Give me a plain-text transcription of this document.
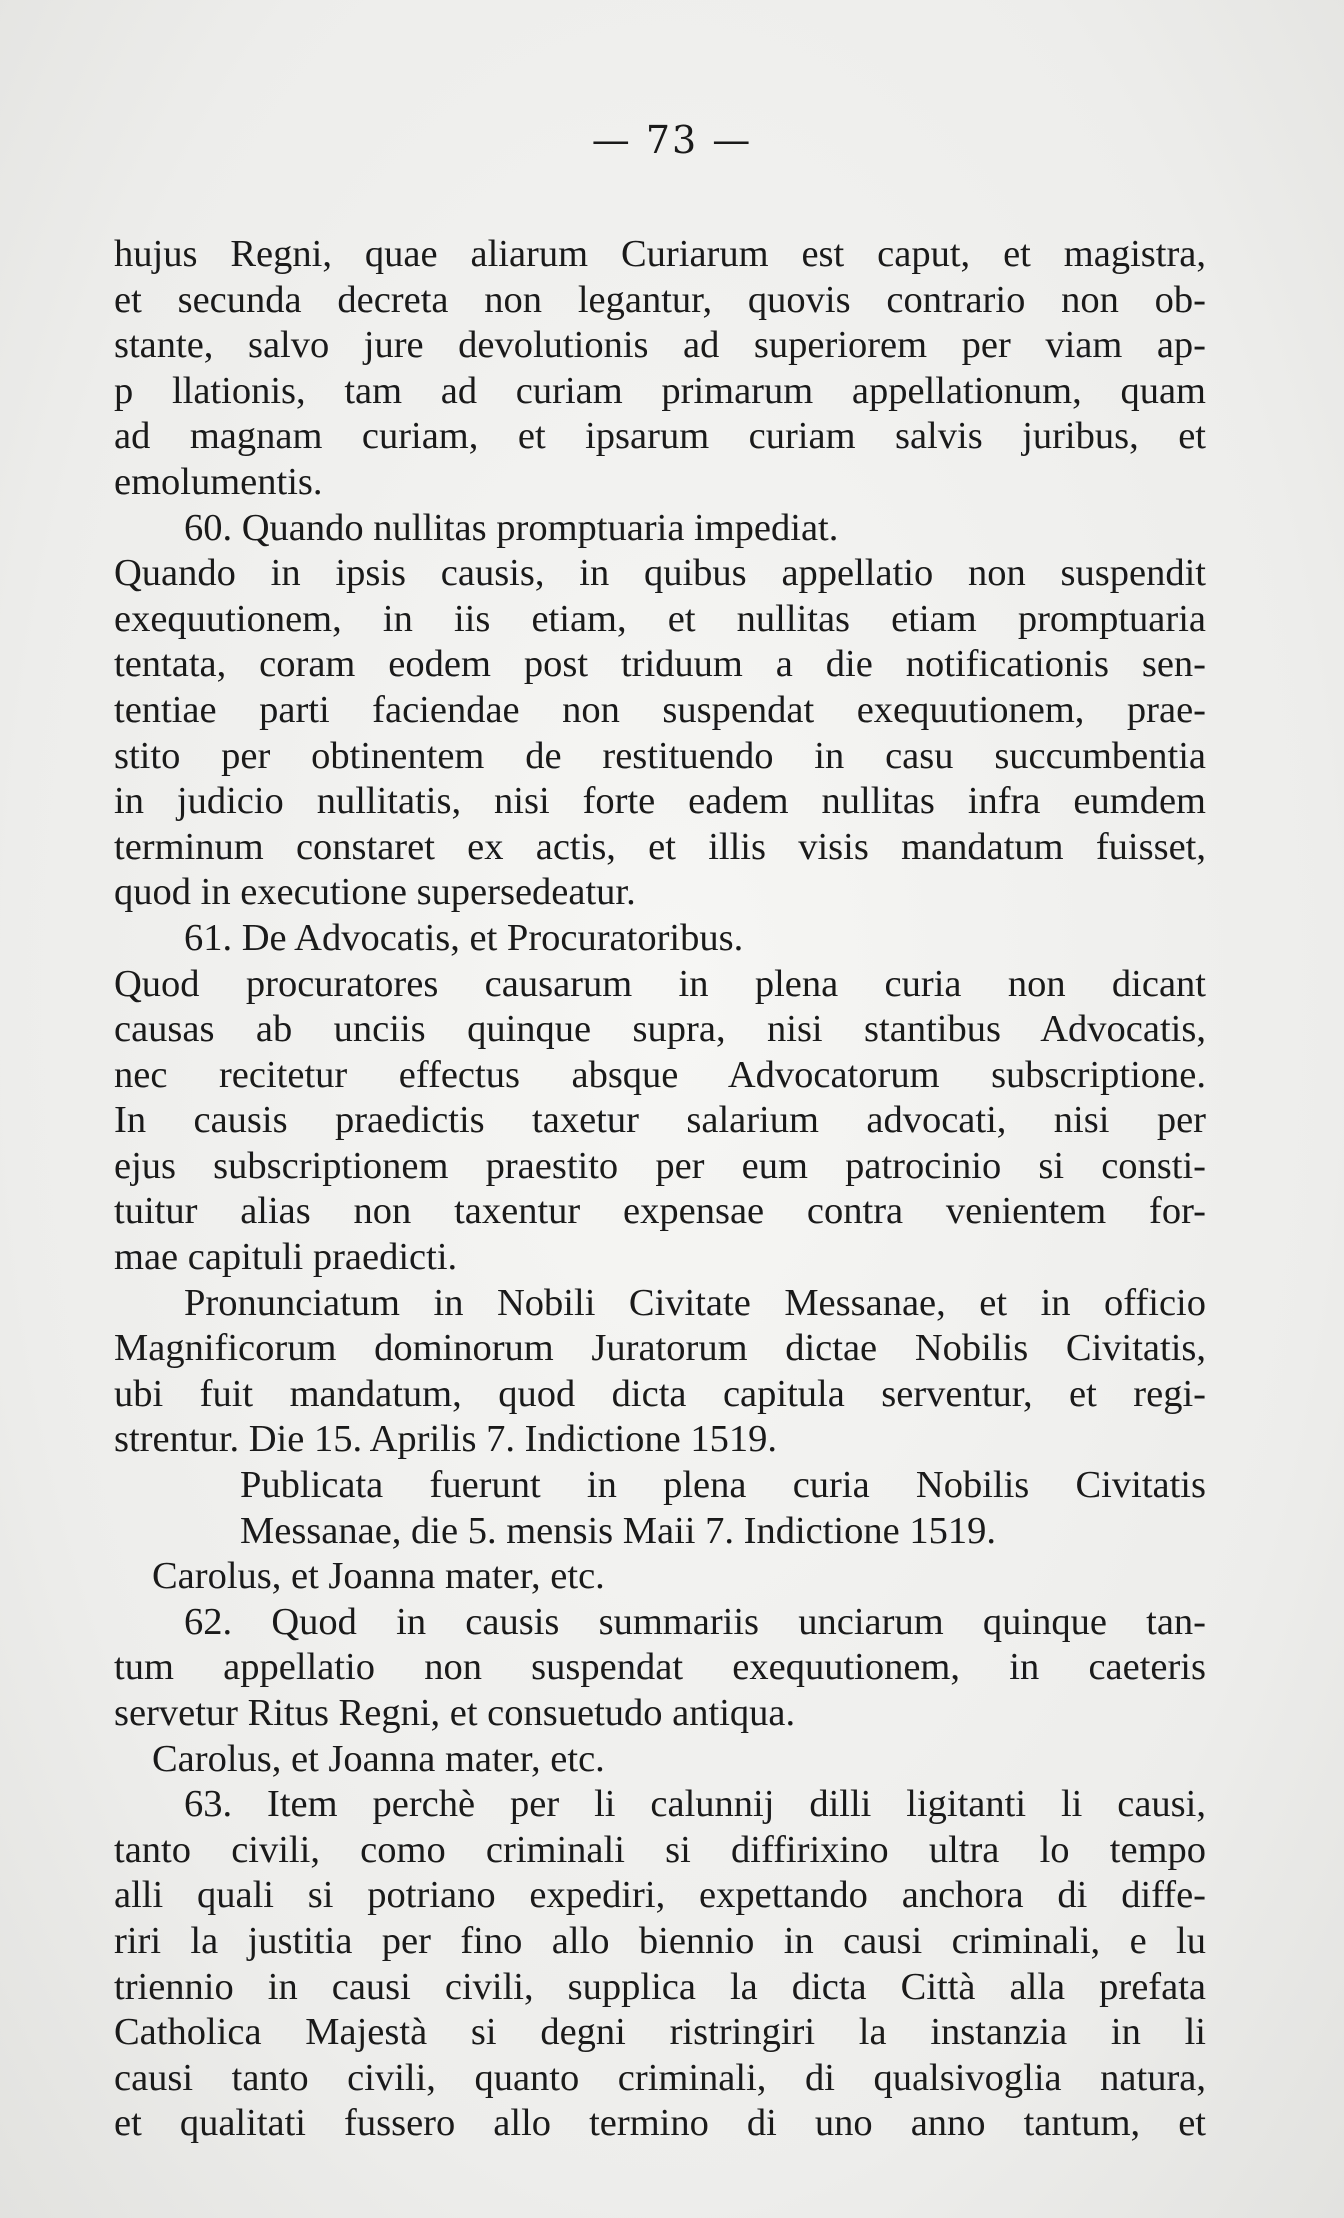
— 73 —
hujus Regni, quae aliarum Curiarum est caput, et magistra,
et secunda decreta non legantur, quovis contrario non ob-
stante, salvo jure devolutionis ad superiorem per viam ap-
p llationis, tam ad curiam primarum appellationum, quam
ad magnam curiam, et ipsarum curiam salvis juribus, et
emolumentis.
60. Quando nullitas promptuaria impediat.
Quando in ipsis causis, in quibus appellatio non suspendit
exequutionem, in iis etiam, et nullitas etiam promptuaria
tentata, coram eodem post triduum a die notificationis sen-
tentiae parti faciendae non suspendat exequutionem, prae-
stito per obtinentem de restituendo in casu succumbentia
in judicio nullitatis, nisi forte eadem nullitas infra eumdem
terminum constaret ex actis, et illis visis mandatum fuisset,
quod in executione supersedeatur.
61. De Advocatis, et Procuratoribus.
Quod procuratores causarum in plena curia non dicant
causas ab unciis quinque supra, nisi stantibus Advocatis,
nec recitetur effectus absque Advocatorum subscriptione.
In causis praedictis taxetur salarium advocati, nisi per
ejus subscriptionem praestito per eum patrocinio si consti-
tuitur alias non taxentur expensae contra venientem for-
mae capituli praedicti.
Pronunciatum in Nobili Civitate Messanae, et in officio
Magnificorum dominorum Juratorum dictae Nobilis Civitatis,
ubi fuit mandatum, quod dicta capitula serventur, et regi-
strentur. Die 15. Aprilis 7. Indictione 1519.
Publicata fuerunt in plena curia Nobilis Civitatis
Messanae, die 5. mensis Maii 7. Indictione 1519.
Carolus, et Joanna mater, etc.
62. Quod in causis summariis unciarum quinque tan-
tum appellatio non suspendat exequutionem, in caeteris
servetur Ritus Regni, et consuetudo antiqua.
Carolus, et Joanna mater, etc.
63. Item perchè per li calunnij dilli ligitanti li causi,
tanto civili, como criminali si diffirixino ultra lo tempo
alli quali si potriano expediri, expettando anchora di diffe-
riri la justitia per fino allo biennio in causi criminali, e lu
triennio in causi civili, supplica la dicta Città alla prefata
Catholica Majestà si degni ristringiri la instanzia in li
causi tanto civili, quanto criminali, di qualsivoglia natura,
et qualitati fussero allo termino di uno anno tantum, et
